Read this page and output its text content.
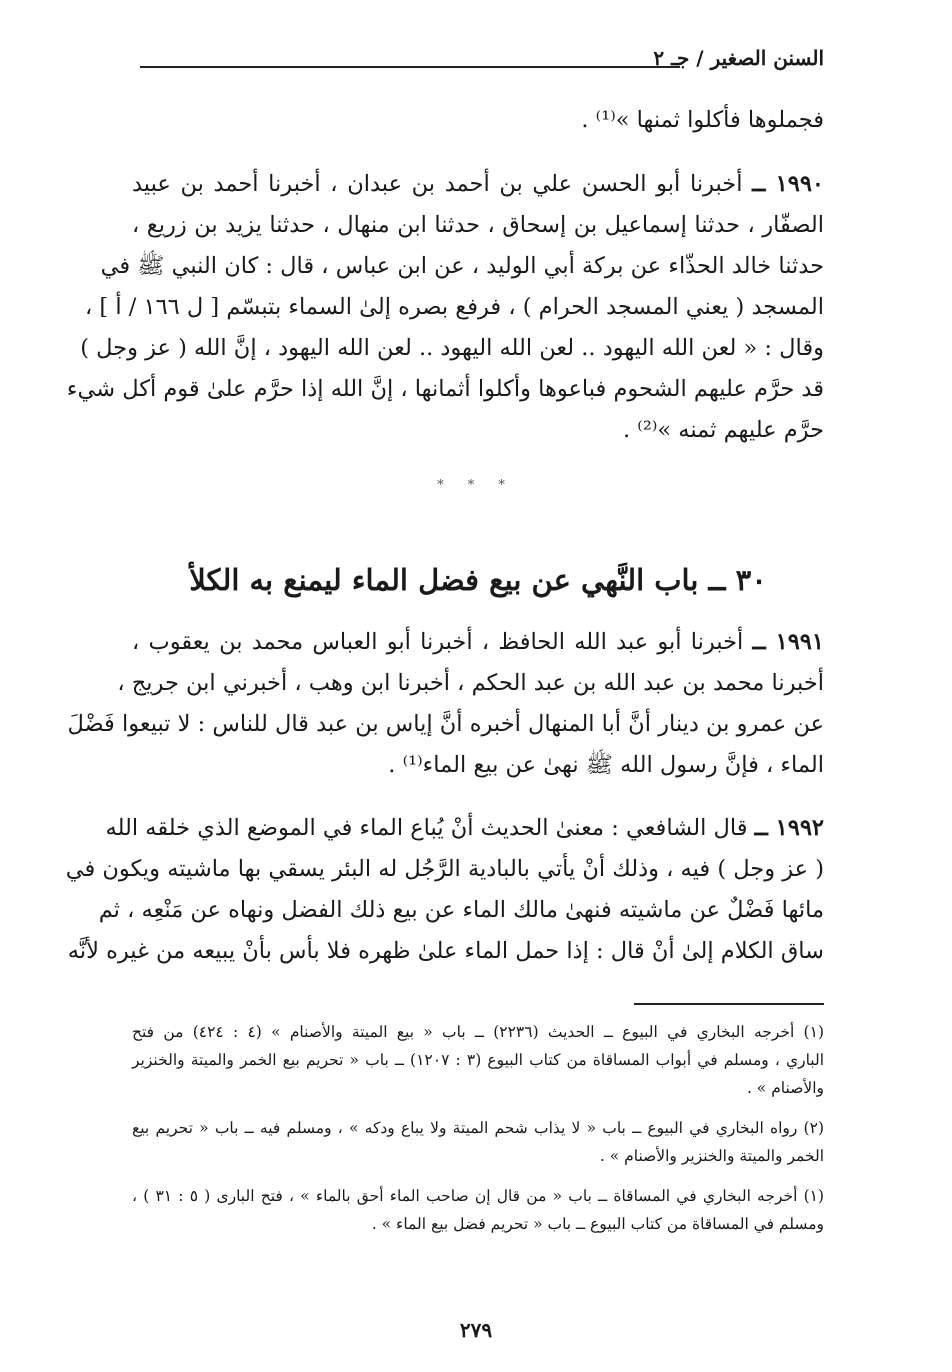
السنن الصغير / جـ ٢
فجملوها فأكلوا ثمنها »⁽¹⁾ .
١٩٩٠ ــ أخبرنا أبو الحسن علي بن أحمد بن عبدان ، أخبرنا أحمد بن عبيد
الصفّار ، حدثنا إسماعيل بن إسحاق ، حدثنا ابن منهال ، حدثنا يزيد بن زريع ،
حدثنا خالد الحذّاء عن بركة أبي الوليد ، عن ابن عباس ، قال : كان النبي ﷺ في
المسجد ( يعني المسجد الحرام ) ، فرفع بصره إلىٰ السماء بتبسّم [ ل ١٦٦ / أ ] ،
وقال : « لعن الله اليهود .. لعن الله اليهود .. لعن الله اليهود ، إنَّ الله ( عز وجل )
قد حرَّم عليهم الشحوم فباعوها وأكلوا أثمانها ، إنَّ الله إذا حرَّم علىٰ قوم أكل شيء
حرَّم عليهم ثمنه »⁽²⁾ .
* * *
٣٠ ــ باب النَّهي عن بيع فضل الماء ليمنع به الكلأ
١٩٩١ ــ أخبرنا أبو عبد الله الحافظ ، أخبرنا أبو العباس محمد بن يعقوب ،
أخبرنا محمد بن عبد الله بن عبد الحكم ، أخبرنا ابن وهب ، أخبرني ابن جريج ،
عن عمرو بن دينار أنَّ أبا المنهال أخبره أنَّ إياس بن عبد قال للناس : لا تبيعوا فَضْلَ
الماء ، فإنَّ رسول الله ﷺ نهىٰ عن بيع الماء⁽¹⁾ .
١٩٩٢ ــ قال الشافعي : معنىٰ الحديث أنْ يُباع الماء في الموضع الذي خلقه الله
( عز وجل ) فيه ، وذلك أنْ يأتي بالبادية الرَّجُل له البئر يسقي بها ماشيته ويكون في
مائها فَضْلٌ عن ماشيته فنهىٰ مالك الماء عن بيع ذلك الفضل ونهاه عن مَنْعِه ، ثم
ساق الكلام إلىٰ أنْ قال : إذا حمل الماء علىٰ ظهره فلا بأس بأنْ يبيعه من غيره لأنَّه
(١) أخرجه البخاري في البيوع ــ الحديث (٢٢٣٦) ــ باب « بيع الميتة والأصنام » (٤ : ٤٢٤) من فتح
الباري ، ومسلم في أبواب المساقاة من كتاب البيوع (٣ : ١٢٠٧) ــ باب « تحريم بيع الخمر والميتة والخنزير
والأصنام » .
(٢) رواه البخاري في البيوع ــ باب « لا يذاب شحم الميتة ولا يباع ودكه » ، ومسلم فيه ــ باب « تحريم بيع
الخمر والميتة والخنزير والأصنام » .
(١) أخرجه البخاري في المساقاة ــ باب « من قال إن صاحب الماء أحق بالماء » ، فتح البارى ( ٥ : ٣١ ) ،
ومسلم في المساقاة من كتاب البيوع ــ باب « تحريم فضل بيع الماء » .
٢٧٩
